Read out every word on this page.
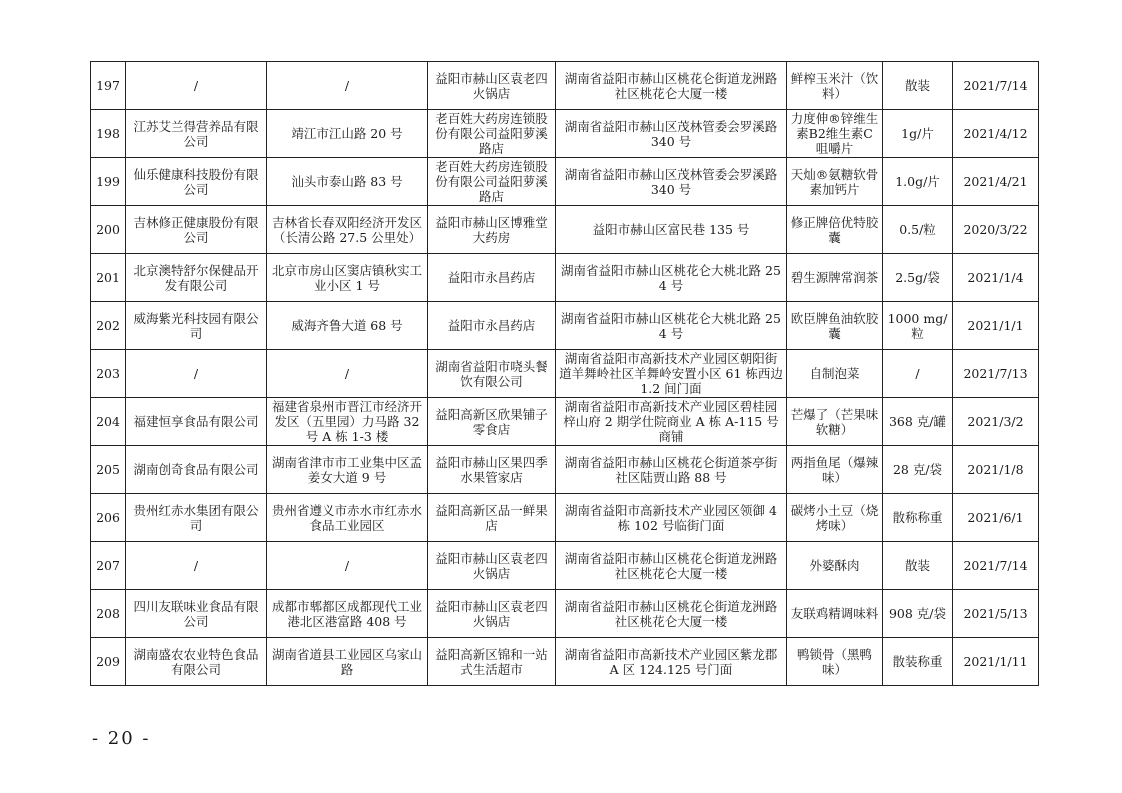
197	/	/	益阳市赫山区袁老四火锅店	湖南省益阳市赫山区桃花仑街道龙洲路社区桃花仑大厦一楼	鲜榨玉米汁（饮料）	散装	2021/7/14
198	江苏艾兰得营养品有限公司	靖江市江山路 20 号	老百姓大药房连锁股份有限公司益阳萝溪路店	湖南省益阳市赫山区茂林管委会罗溪路 340 号	力度伸®锌维生素B2维生素C咀嚼片	1g/片	2021/4/12
199	仙乐健康科技股份有限公司	汕头市泰山路 83 号	老百姓大药房连锁股份有限公司益阳萝溪路店	湖南省益阳市赫山区茂林管委会罗溪路 340 号	天灿®氨糖软骨素加钙片	1.0g/片	2021/4/21
200	吉林修正健康股份有限公司	吉林省长春双阳经济开发区（长清公路 27.5 公里处）	益阳市赫山区博雅堂大药房	益阳市赫山区富民巷 135 号	修正牌倍优特胶囊	0.5/粒	2020/3/22
201	北京澳特舒尔保健品开发有限公司	北京市房山区窦店镇秋实工业小区 1 号	益阳市永昌药店	湖南省益阳市赫山区桃花仑大桃北路 254 号	碧生源牌常润茶	2.5g/袋	2021/1/4
202	威海紫光科技园有限公司	威海齐鲁大道 68 号	益阳市永昌药店	湖南省益阳市赫山区桃花仑大桃北路 254 号	欧臣牌鱼油软胶囊	1000 mg/粒	2021/1/1
203	/	/	湖南省益阳市哓头餐饮有限公司	湖南省益阳市高新技术产业园区朝阳街道羊舞岭社区羊舞岭安置小区 61 栋西边 1.2 间门面	自制泡菜	/	2021/7/13
204	福建恒享食品有限公司	福建省泉州市晋江市经济开发区（五里园）力马路 32 号 A 栋 1-3 楼	益阳高新区欣果铺子零食店	湖南省益阳市高新技术产业园区碧桂园梓山府 2 期学仕院商业 A 栋 A-115 号商铺	芒爆了（芒果味软糖）	368 克/罐	2021/3/2
205	湖南创奇食品有限公司	湖南省津市市工业集中区孟姜女大道 9 号	益阳市赫山区果四季水果管家店	湖南省益阳市赫山区桃花仑街道茶亭街社区陆贾山路 88 号	两指鱼尾（爆辣味）	28 克/袋	2021/1/8
206	贵州红赤水集团有限公司	贵州省遵义市赤水市红赤水食品工业园区	益阳高新区品一鲜果店	湖南省益阳市高新技术产业园区领御 4 栋 102 号临街门面	碳烤小土豆（烧烤味）	散称称重	2021/6/1
207	/	/	益阳市赫山区袁老四火锅店	湖南省益阳市赫山区桃花仑街道龙洲路社区桃花仑大厦一楼	外婆酥肉	散装	2021/7/14
208	四川友联味业食品有限公司	成都市郫都区成都现代工业港北区港富路 408 号	益阳市赫山区袁老四火锅店	湖南省益阳市赫山区桃花仑街道龙洲路社区桃花仑大厦一楼	友联鸡精调味料	908 克/袋	2021/5/13
209	湖南盛农农业特色食品有限公司	湖南省道县工业园区乌家山路	益阳高新区锦和一站式生活超市	湖南省益阳市高新技术产业园区紫龙郡 A 区 124.125 号门面	鸭锁骨（黑鸭味）	散装称重	2021/1/11
- 20 -
